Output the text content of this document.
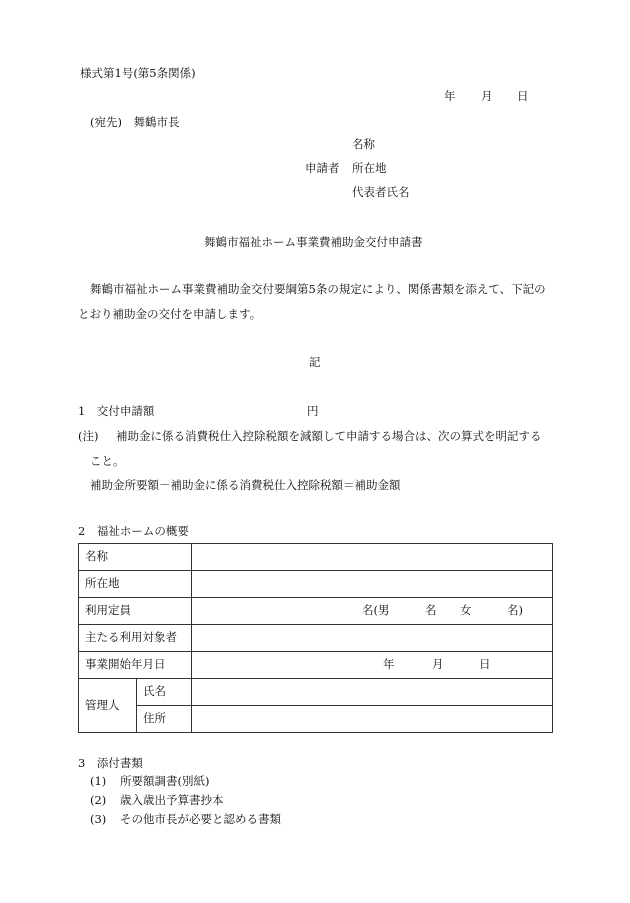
様式第1号(第5条関係)
年 月 日
(宛先)　舞鶴市長
名称
申請者 所在地
代表者氏名
舞鶴市福祉ホーム事業費補助金交付申請書
舞鶴市福祉ホーム事業費補助金交付要綱第5条の規定により、関係書類を添えて、下記の
とおり補助金の交付を申請します。
記
1　交付申請額	円
(注) 補助金に係る消費税仕入控除税額を減額して申請する場合は、次の算式を明記する
こと。
補助金所要額－補助金に係る消費税仕入控除税額＝補助金額
2　福祉ホームの概要
名称		
所在地		
利用定員		名(男 名 女 名)

主たる利用対象者		
事業開始年月日		年 月 日

管理人	氏名	
	住所	
3　添付書類
(1) 所要額調書(別紙)
(2) 歳入歳出予算書抄本
(3) その他市長が必要と認める書類
